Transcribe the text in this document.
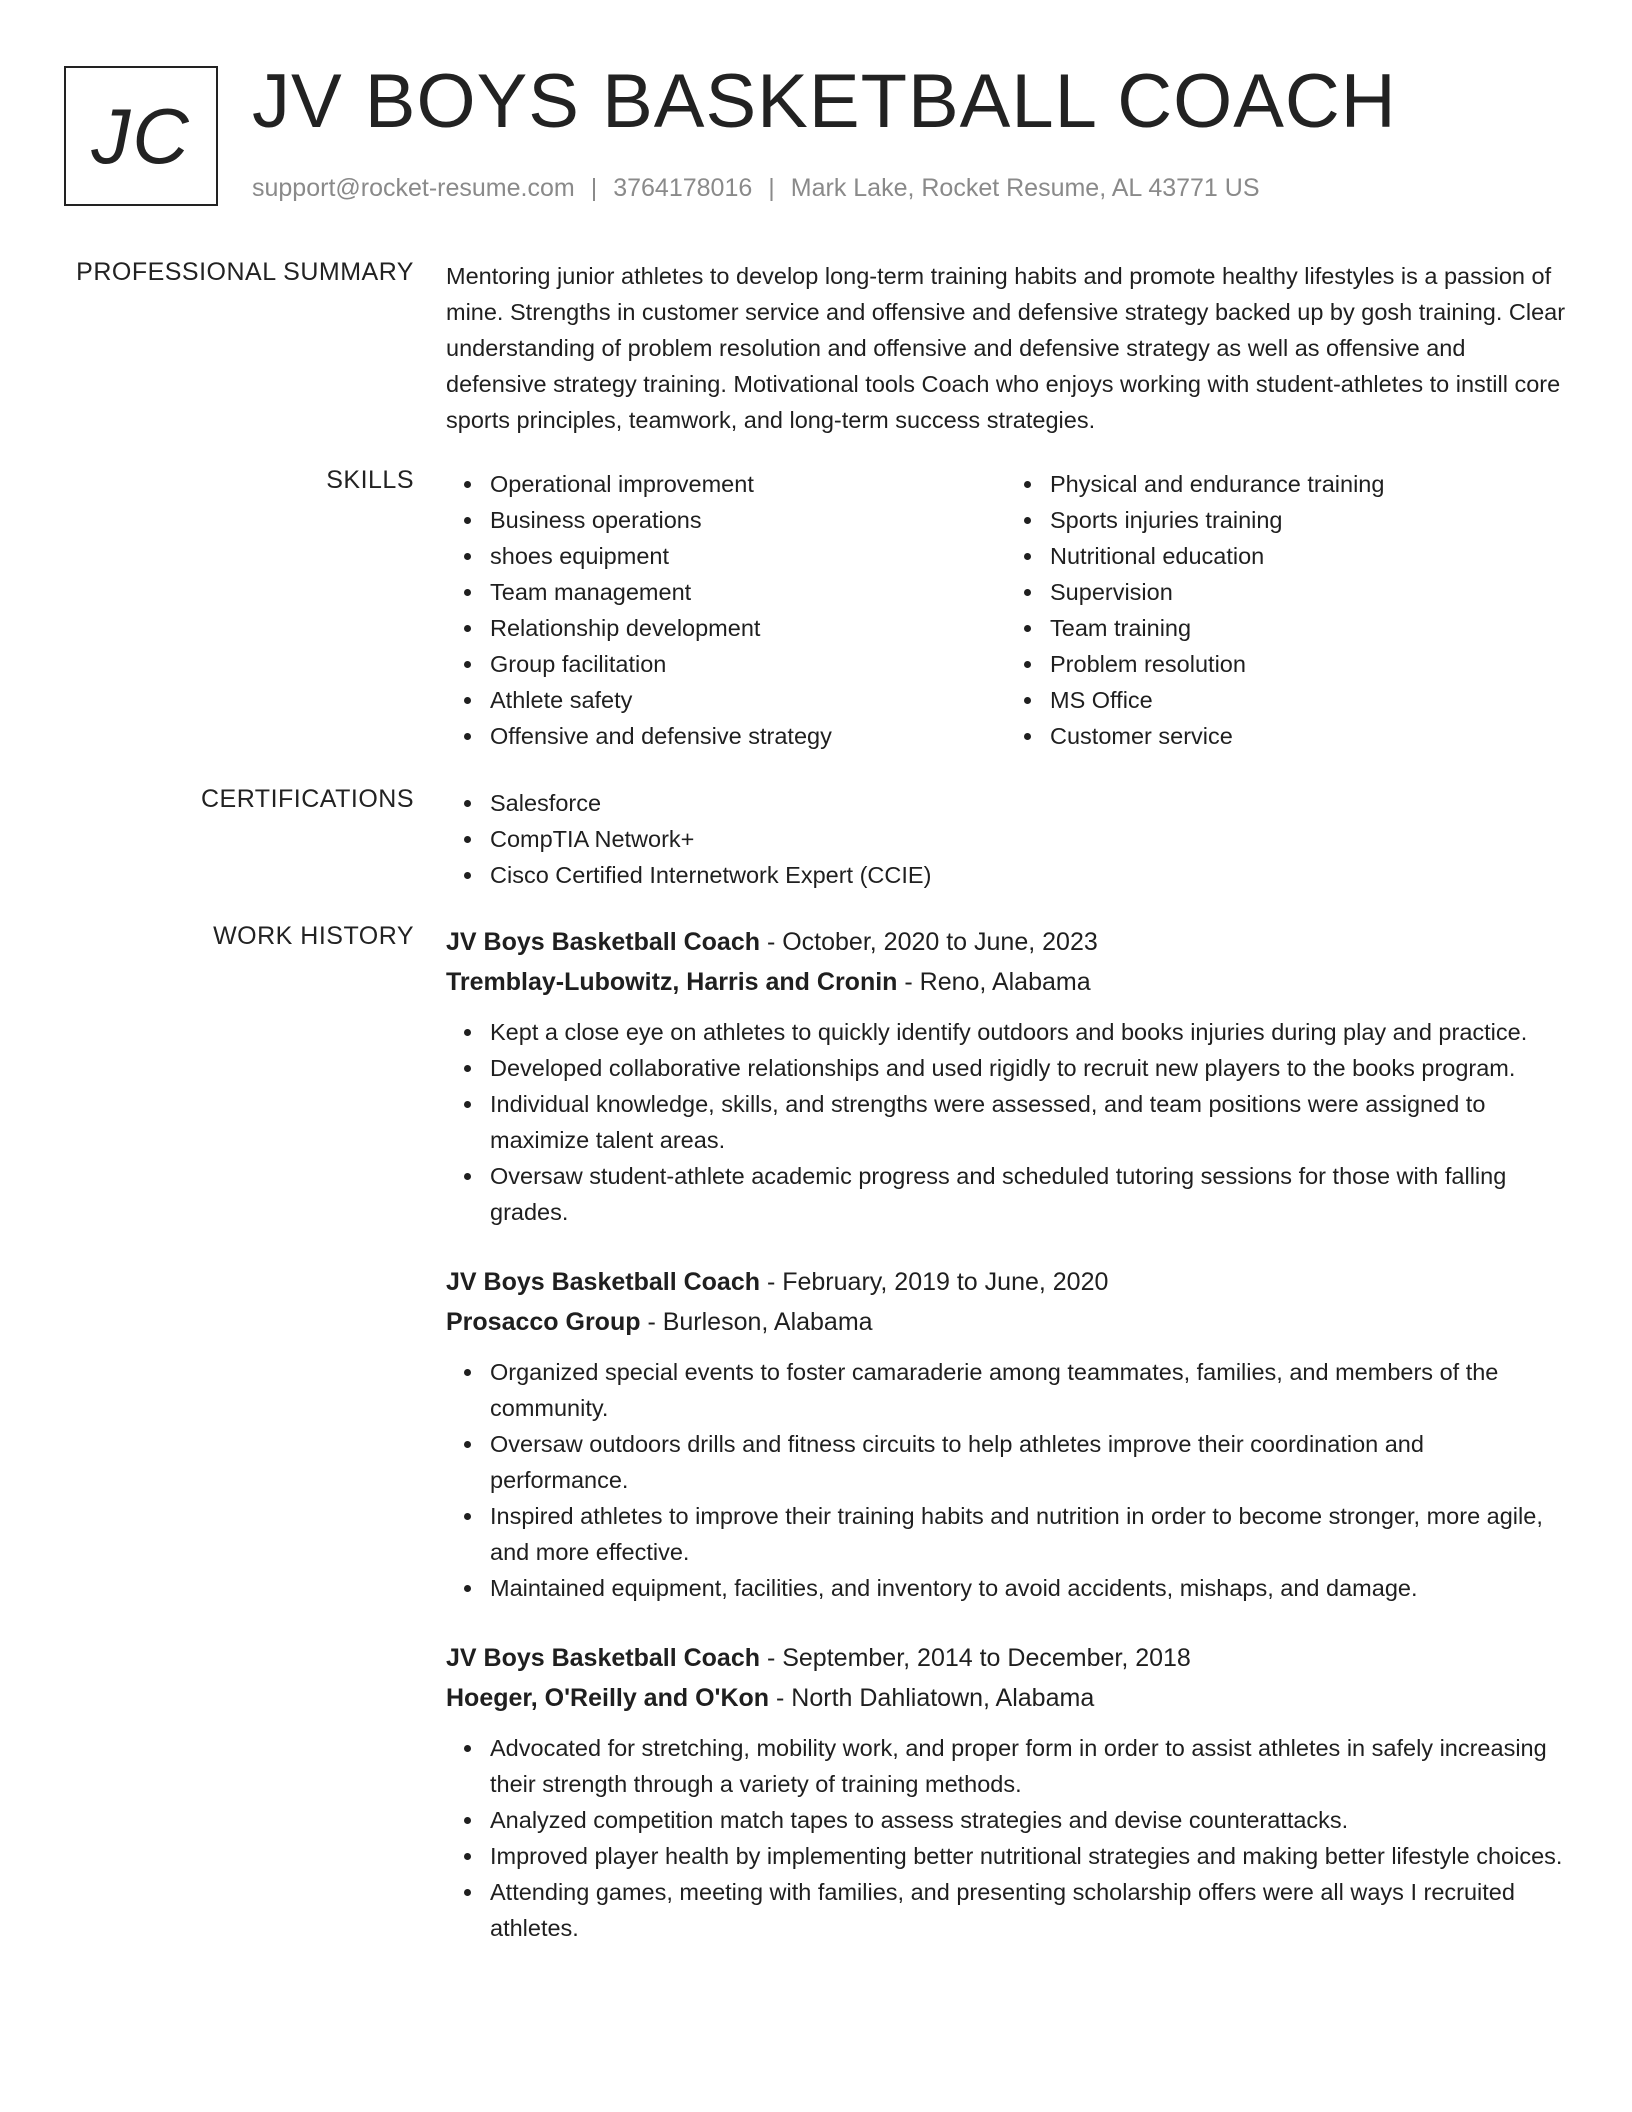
JC JV BOYS BASKETBALL COACH
support@rocket-resume.com | 3764178016 | Mark Lake, Rocket Resume, AL 43771 US
PROFESSIONAL SUMMARY Mentoring junior athletes to develop long-term training habits and promote healthy lifestyles is a passion of mine. Strengths in customer service and offensive and defensive strategy backed up by gosh training. Clear understanding of problem resolution and offensive and defensive strategy as well as offensive and defensive strategy training. Motivational tools Coach who enjoys working with student-athletes to instill core sports principles, teamwork, and long-term success strategies.

SKILLS	Operational improvement
Business operations
shoes equipment
Team management
Relationship development
Group facilitation
Athlete safety
Offensive and defensive strategy
Physical and endurance training
Sports injuries training
Nutritional education
Supervision
Team training
Problem resolution
MS Office
Customer service
CERTIFICATIONS	Salesforce
CompTIA Network+
Cisco Certified Internetwork Expert (CCIE)
WORK HISTORY JV Boys Basketball Coach - October, 2020 to June, 2023
Tremblay-Lubowitz, Harris and Cronin - Reno, Alabama
Kept a close eye on athletes to quickly identify outdoors and books injuries during play and practice.
Developed collaborative relationships and used rigidly to recruit new players to the books program.
Individual knowledge, skills, and strengths were assessed, and team positions were assigned to maximize talent areas.
Oversaw student-athlete academic progress and scheduled tutoring sessions for those with falling grades.
JV Boys Basketball Coach - February, 2019 to June, 2020
Prosacco Group - Burleson, Alabama
Organized special events to foster camaraderie among teammates, families, and members of the community.
Oversaw outdoors drills and fitness circuits to help athletes improve their coordination and performance.
Inspired athletes to improve their training habits and nutrition in order to become stronger, more agile, and more effective.
Maintained equipment, facilities, and inventory to avoid accidents, mishaps, and damage.
JV Boys Basketball Coach - September, 2014 to December, 2018
Hoeger, O'Reilly and O'Kon - North Dahliatown, Alabama
Advocated for stretching, mobility work, and proper form in order to assist athletes in safely increasing their strength through a variety of training methods.
Analyzed competition match tapes to assess strategies and devise counterattacks.
Improved player health by implementing better nutritional strategies and making better lifestyle choices.
Attending games, meeting with families, and presenting scholarship offers were all ways I recruited athletes.
